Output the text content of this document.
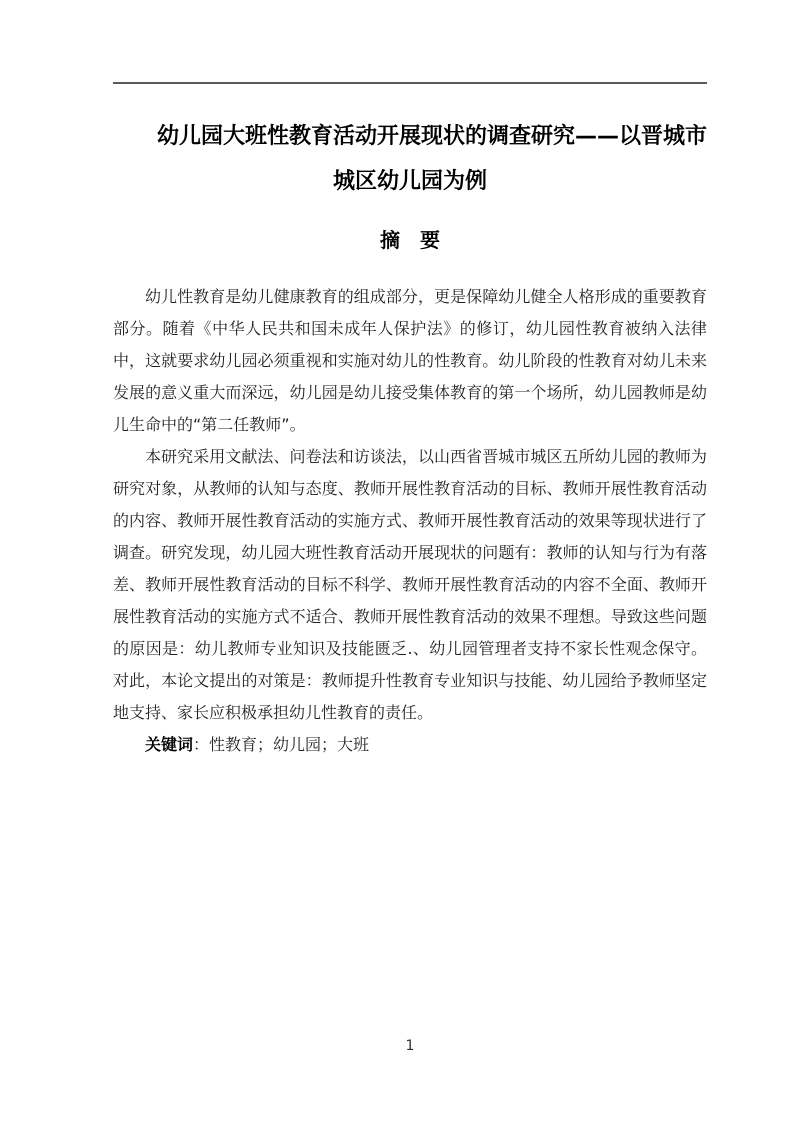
幼儿园大班性教育活动开展现状的调查研究——以晋城市
城区幼儿园为例
摘　要

幼儿性教育是幼儿健康教育的组成部分，更是保障幼儿健全人格形成的重要教育部分。随着《中华人民共和国未成年人保护法》的修订，幼儿园性教育被纳入法律中，这就要求幼儿园必须重视和实施对幼儿的性教育。幼儿阶段的性教育对幼儿未来发展的意义重大而深远，幼儿园是幼儿接受集体教育的第一个场所，幼儿园教师是幼儿生命中的“第二任教师”。

本研究采用文献法、问卷法和访谈法，以山西省晋城市城区五所幼儿园的教师为研究对象，从教师的认知与态度、教师开展性教育活动的目标、教师开展性教育活动的内容、教师开展性教育活动的实施方式、教师开展性教育活动的效果等现状进行了调查。研究发现，幼儿园大班性教育活动开展现状的问题有：教师的认知与行为有落差、教师开展性教育活动的目标不科学、教师开展性教育活动的内容不全面、教师开展性教育活动的实施方式不适合、教师开展性教育活动的效果不理想。导致这些问题的原因是：幼儿教师专业知识及技能匮乏.、幼儿园管理者支持不家长性观念保守。对此，本论文提出的对策是：教师提升性教育专业知识与技能、幼儿园给予教师坚定地支持、家长应积极承担幼儿性教育的责任。

关键词：性教育；幼儿园；大班

1
